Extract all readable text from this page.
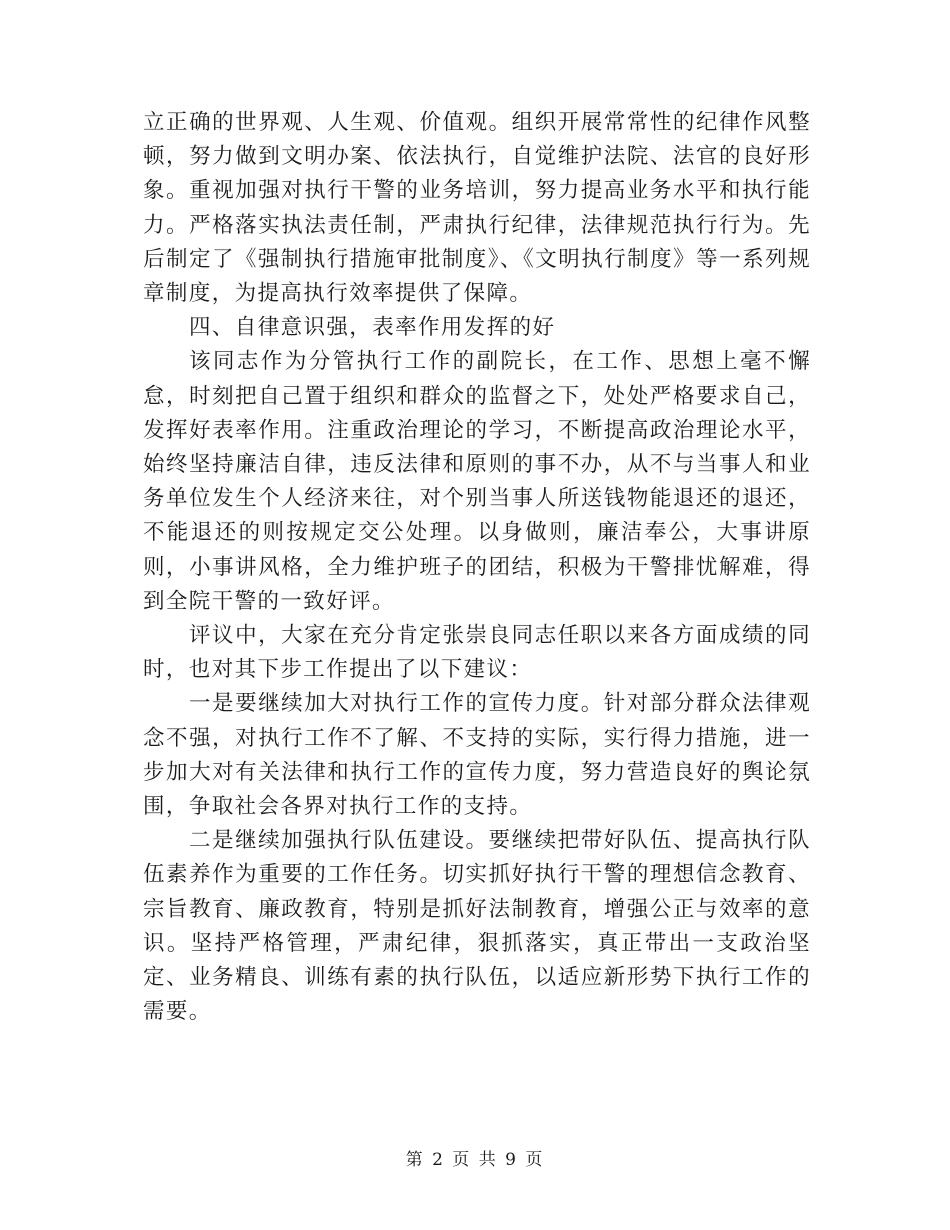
立正确的世界观、人生观、价值观。组织开展常常性的纪律作风整顿，努力做到文明办案、依法执行，自觉维护法院、法官的良好形象。重视加强对执行干警的业务培训，努力提高业务水平和执行能力。严格落实执法责任制，严肃执行纪律，法律规范执行行为。先后制定了《强制执行措施审批制度》、《文明执行制度》等一系列规章制度，为提高执行效率提供了保障。

四、自律意识强，表率作用发挥的好

该同志作为分管执行工作的副院长，在工作、思想上毫不懈怠，时刻把自己置于组织和群众的监督之下，处处严格要求自己，发挥好表率作用。注重政治理论的学习，不断提高政治理论水平，始终坚持廉洁自律，违反法律和原则的事不办，从不与当事人和业务单位发生个人经济来往，对个别当事人所送钱物能退还的退还，不能退还的则按规定交公处理。以身做则，廉洁奉公，大事讲原则，小事讲风格，全力维护班子的团结，积极为干警排忧解难，得到全院干警的一致好评。

评议中，大家在充分肯定张崇良同志任职以来各方面成绩的同时，也对其下步工作提出了以下建议：

一是要继续加大对执行工作的宣传力度。针对部分群众法律观念不强，对执行工作不了解、不支持的实际，实行得力措施，进一步加大对有关法律和执行工作的宣传力度，努力营造良好的舆论氛围，争取社会各界对执行工作的支持。

二是继续加强执行队伍建设。要继续把带好队伍、提高执行队伍素养作为重要的工作任务。切实抓好执行干警的理想信念教育、宗旨教育、廉政教育，特别是抓好法制教育，增强公正与效率的意识。坚持严格管理，严肃纪律，狠抓落实，真正带出一支政治坚定、业务精良、训练有素的执行队伍，以适应新形势下执行工作的需要。

第 2 页 共 9 页
